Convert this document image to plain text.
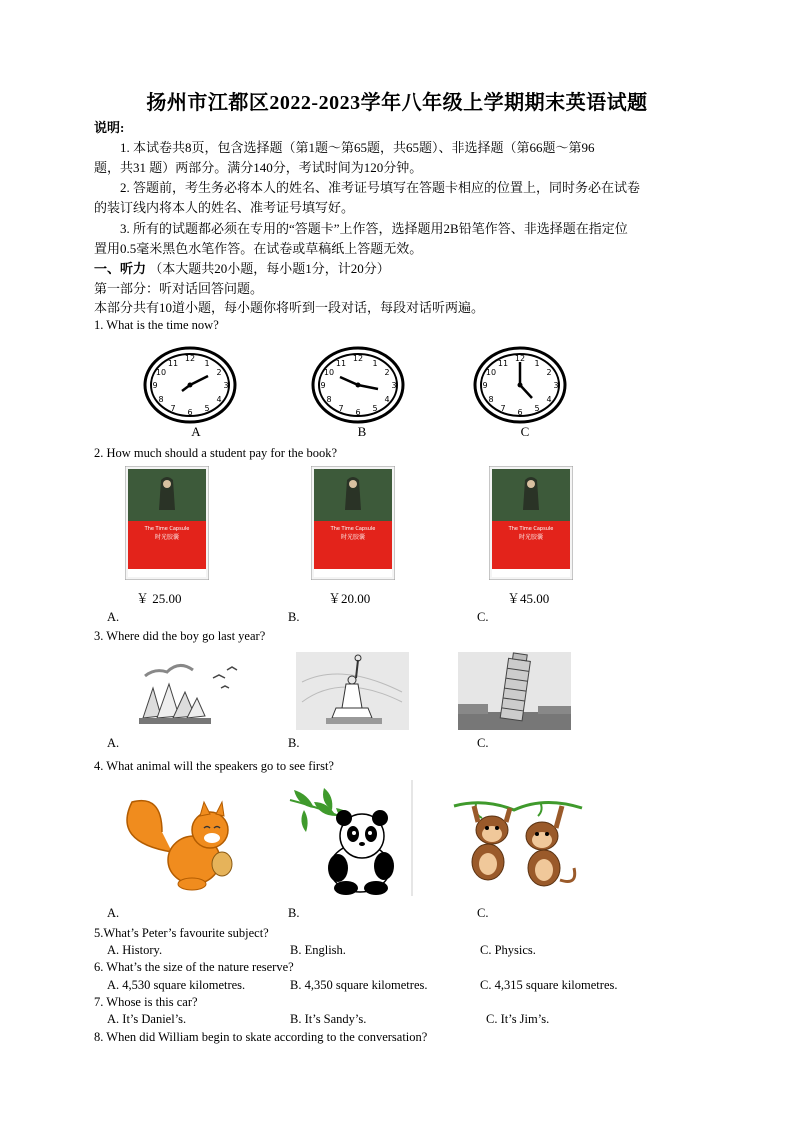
扬州市江都区2022-2023学年八年级上学期期末英语试题
说明:
1. 本试卷共8页，包含选择题（第1题～第65题，共65题）、非选择题（第66题～第96
题，共31 题）两部分。满分140分，考试时间为120分钟。
2. 答题前，考生务必将本人的姓名、准考证号填写在答题卡相应的位置上，同时务必在试卷
的装订线内将本人的姓名、准考证号填写好。
3. 所有的试题都必须在专用的“答题卡”上作答，选择题用2B铅笔作答、非选择题在指定位
置用0.5毫米黑色水笔作答。在试卷或草稿纸上答题无效。
一、听力 （本大题共20小题，每小题1分，计20分）
第一部分：听对话回答问题。
本部分共有10道小题，每小题你将听到一段对话，每段对话听两遍。
1. What is the time now?
12
3
6
9
1
2
4
5
7
8
10
11
12
3
6
9
1
2
4
5
7
8
10
11
12
3
6
9
1
2
4
5
7
8
10
11
A	B	C
2. How much should a student pay for the book?
The Time Capsule
时光胶囊
The Time Capsule
时光胶囊
The Time Capsule
时光胶囊
￥ 25.00	￥20.00	￥45.00
A.	B.	C.
3. Where did the boy go last year?
A.	B.	C.
4. What animal will the speakers go to see first?
A.	B.	C.
5.What’s Peter’s favourite subject?
A. History.	B. English.	C. Physics.
6. What’s the size of the nature reserve?
A. 4,530 square kilometres.	B. 4,350 square kilometres.	C. 4,315 square kilometres.
7. Whose is this car?
A. It’s Daniel’s.	B. It’s Sandy’s.	C. It’s Jim’s.
8. When did William begin to skate according to the conversation?
